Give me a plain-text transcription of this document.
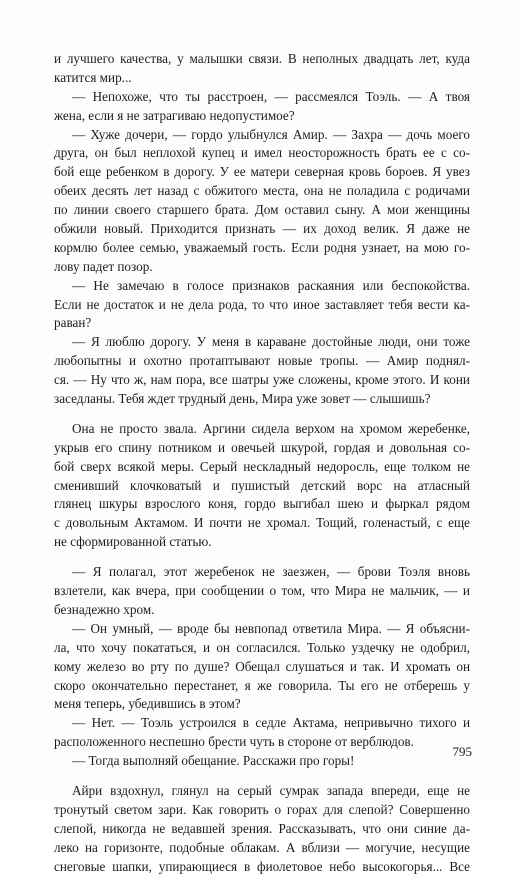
и лучшего качества, у малышки связи. В неполных двадцать лет, куда
катится мир...
— Непохоже, что ты расстроен, — рассмеялся Тоэль. — А твоя
жена, если я не затрагиваю недопустимое?
— Хуже дочери, — гордо улыбнулся Амир. — Захра — дочь моего
друга, он был неплохой купец и имел неосторожность брать ее с со-
бой еще ребенком в дорогу. У ее матери северная кровь бороев. Я увез
обеих десять лет назад с обжитого места, она не поладила с родичами
по линии своего старшего брата. Дом оставил сыну. А мои женщины
обжили новый. Приходится признать — их доход велик. Я даже не
кормлю более семью, уважаемый гость. Если родня узнает, на мою го-
лову падет позор.
— Не замечаю в голосе признаков раскаяния или беспокойства.
Если не достаток и не дела рода, то что иное заставляет тебя вести ка-
раван?
— Я люблю дорогу. У меня в караване достойные люди, они тоже
любопытны и охотно протаптывают новые тропы. — Амир поднял-
ся. — Ну что ж, нам пора, все шатры уже сложены, кроме этого. И кони
заседланы. Тебя ждет трудный день, Мира уже зовет — слышишь?
Она не просто звала. Аргини сидела верхом на хромом жеребенке,
укрыв его спину потником и овечьей шкурой, гордая и довольная со-
бой сверх всякой меры. Серый нескладный недоросль, еще толком не
сменивший клочковатый и пушистый детский ворс на атласный
глянец шкуры взрослого коня, гордо выгибал шею и фыркал рядом
с довольным Актамом. И почти не хромал. Тощий, голенастый, с еще
не сформированной статью.
— Я полагал, этот жеребенок не заезжен, — брови Тоэля вновь
взлетели, как вчера, при сообщении о том, что Мира не мальчик, — и
безнадежно хром.
— Он умный, — вроде бы невпопад ответила Мира. — Я объясни-
ла, что хочу покататься, и он согласился. Только уздечку не одобрил,
кому железо во рту по душе? Обещал слушаться и так. И хромать он
скоро окончательно перестанет, я же говорила. Ты его не отберешь у
меня теперь, убедившись в этом?
— Нет. — Тоэль устроился в седле Актама, непривычно тихого и
расположенного неспешно брести чуть в стороне от верблюдов.
— Тогда выполняй обещание. Расскажи про горы!
Айри вздохнул, глянул на серый сумрак запада впереди, еще не
тронутый светом зари. Как говорить о горах для слепой? Совершенно
слепой, никогда не ведавшей зрения. Рассказывать, что они синие да-
леко на горизонте, подобные облакам. А вблизи — могучие, несущие
снеговые шапки, упирающиеся в фиолетовое небо высокогорья... Все
795
